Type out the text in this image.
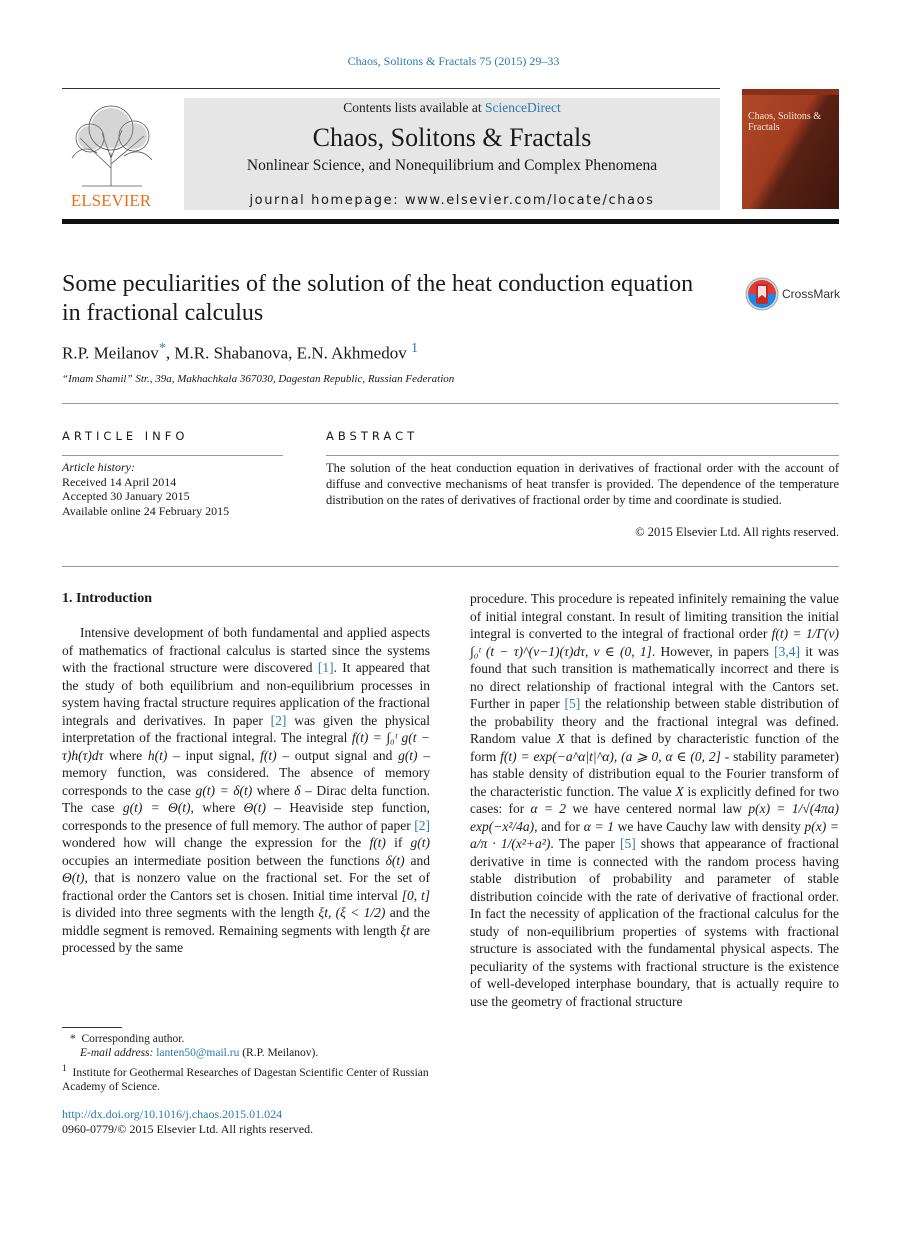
Chaos, Solitons & Fractals 75 (2015) 29–33
ELSEVIER
Contents lists available at ScienceDirect
Chaos, Solitons & Fractals
Nonlinear Science, and Nonequilibrium and Complex Phenomena
journal homepage: www.elsevier.com/locate/chaos
Chaos, Solitons & Fractals
Some peculiarities of the solution of the heat conduction equation in fractional calculus
CrossMark
R.P. Meilanov*, M.R. Shabanova, E.N. Akhmedov $^1$
“Imam Shamil” Str., 39a, Makhachkala 367030, Dagestan Republic, Russian Federation
ARTICLE INFO	ABSTRACT
Article history:
Received 14 April 2014
Accepted 30 January 2015
Available online 24 February 2015
The solution of the heat conduction equation in derivatives of fractional order with the account of diffuse and convective mechanisms of heat transfer is provided. The dependence of the temperature distribution on the rates of derivatives of fractional order by time and coordinate is studied.
© 2015 Elsevier Ltd. All rights reserved.
1. Introduction

Intensive development of both fundamental and applied aspects of mathematics of fractional calculus is started since the systems with the fractional structure were discovered [1]. It appeared that the study of both equilibrium and non-equilibrium processes in system having fractal structure requires application of the fractional integrals and derivatives. In paper [2] was given the physical interpretation of the fractional integral. The integral f(t) = ∫₀ᵗ g(t − τ)h(τ)dτ where h(t) – input signal, f(t) – output signal and g(t) – memory function, was considered. The absence of memory corresponds to the case g(t) = δ(t) where δ – Dirac delta function. The case g(t) = Θ(t), where Θ(t) – Heaviside step function, corresponds to the presence of full memory. The author of paper [2] wondered how will change the expression for the f(t) if g(t) occupies an intermediate position between the functions δ(t) and Θ(t), that is nonzero value on the fractional set. For the set of fractional order the Cantors set is chosen. Initial time interval [0, t] is divided into three segments with the length ξt, (ξ < 1/2) and the middle segment is removed. Remaining segments with length ξt are processed by the same

procedure. This procedure is repeated infinitely remaining the value of initial integral constant. In result of limiting transition the initial integral is converted to the integral of fractional order f(t) = 1/Γ(ν) ∫₀ᵗ (t − τ)^(ν−1)(τ)dτ, ν ∈ (0, 1]. However, in papers [3,4] it was found that such transition is mathematically incorrect and there is no direct relationship of fractional integral with the Cantors set. Further in paper [5] the relationship between stable distribution of the probability theory and the fractional integral was defined. Random value X that is defined by characteristic function of the form f(t) = exp(−a^α|t|^α), (a ⩾ 0, α ∈ (0, 2] - stability parameter) has stable density of distribution equal to the Fourier transform of the characteristic function. The value X is explicitly defined for two cases: for α = 2 we have centered normal law p(x) = 1/√(4πa) exp(−x²/4a), and for α = 1 we have Cauchy law with density p(x) = a/π · 1/(x²+a²). The paper [5] shows that appearance of fractional derivative in time is connected with the random process having stable distribution of probability and parameter of stable distribution coincide with the rate of derivative of fractional order. In fact the necessity of application of the fractional calculus for the study of non-equilibrium properties of systems with fractional structure is associated with the fundamental physical aspects. The peculiarity of the systems with fractional structure is the existence of well-developed interphase boundary, that is actually require to use the geometry of fractional structure

* Corresponding author.
E-mail address: lanten50@mail.ru (R.P. Meilanov).
$^1$ Institute for Geothermal Researches of Dagestan Scientific Center of Russian Academy of Science.
http://dx.doi.org/10.1016/j.chaos.2015.01.024
0960-0779/© 2015 Elsevier Ltd. All rights reserved.
